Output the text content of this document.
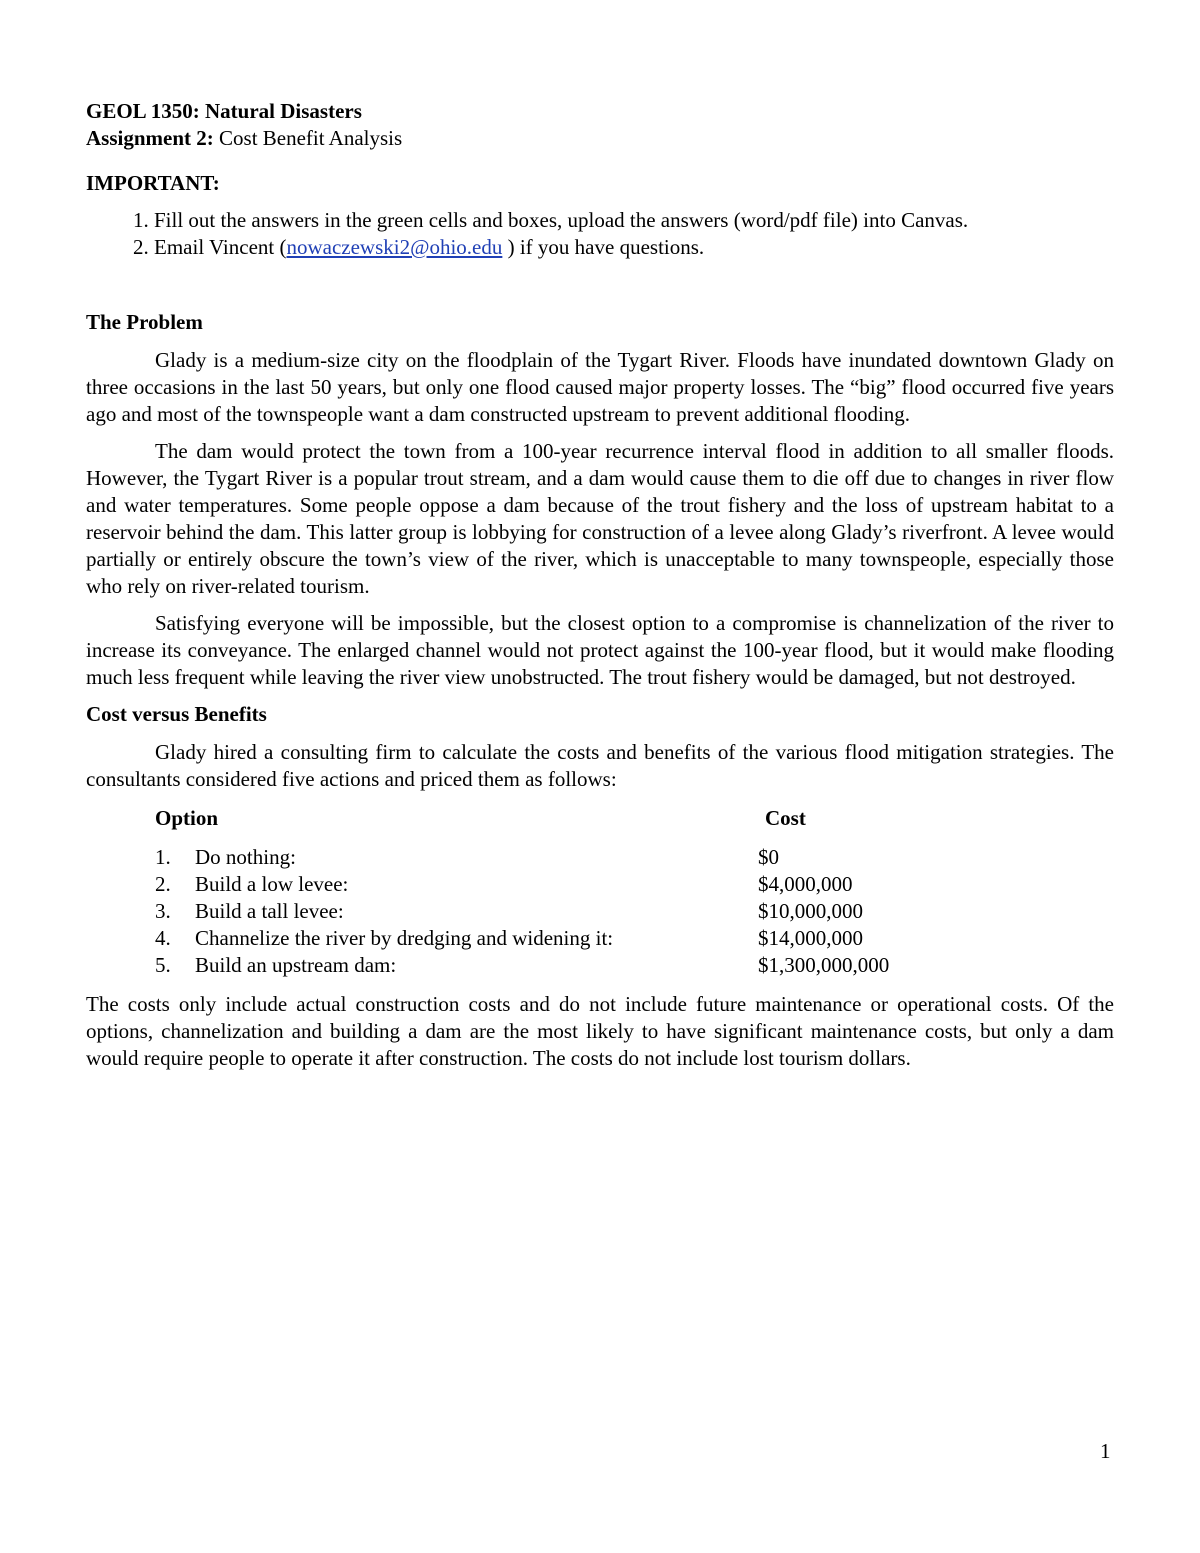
GEOL 1350: Natural Disasters
Assignment 2: Cost Benefit Analysis
IMPORTANT:
1. Fill out the answers in the green cells and boxes, upload the answers (word/pdf file) into Canvas.
2. Email Vincent (nowaczewski2@ohio.edu ) if you have questions.
The Problem

Glady is a medium-size city on the floodplain of the Tygart River. Floods have inundated downtown Glady on three occasions in the last 50 years, but only one flood caused major property losses. The “big” flood occurred five years ago and most of the townspeople want a dam constructed upstream to prevent additional flooding.

The dam would protect the town from a 100-year recurrence interval flood in addition to all smaller floods. However, the Tygart River is a popular trout stream, and a dam would cause them to die off due to changes in river flow and water temperatures. Some people oppose a dam because of the trout fishery and the loss of upstream habitat to a reservoir behind the dam. This latter group is lobbying for construction of a levee along Glady’s riverfront. A levee would partially or entirely obscure the town’s view of the river, which is unacceptable to many townspeople, especially those who rely on river-related tourism.

Satisfying everyone will be impossible, but the closest option to a compromise is channelization of the river to increase its conveyance. The enlarged channel would not protect against the 100-year flood, but it would make flooding much less frequent while leaving the river view unobstructed. The trout fishery would be damaged, but not destroyed.

Cost versus Benefits

Glady hired a consulting firm to calculate the costs and benefits of the various flood mitigation strategies. The consultants considered five actions and priced them as follows:

Option	Cost
1.	Do nothing:	$0
2.	Build a low levee:	$4,000,000
3.	Build a tall levee:	$10,000,000
4.	Channelize the river by dredging and widening it:	$14,000,000
5.	Build an upstream dam:	$1,300,000,000

The costs only include actual construction costs and do not include future maintenance or operational costs. Of the options, channelization and building a dam are the most likely to have significant maintenance costs, but only a dam would require people to operate it after construction. The costs do not include lost tourism dollars.

1
